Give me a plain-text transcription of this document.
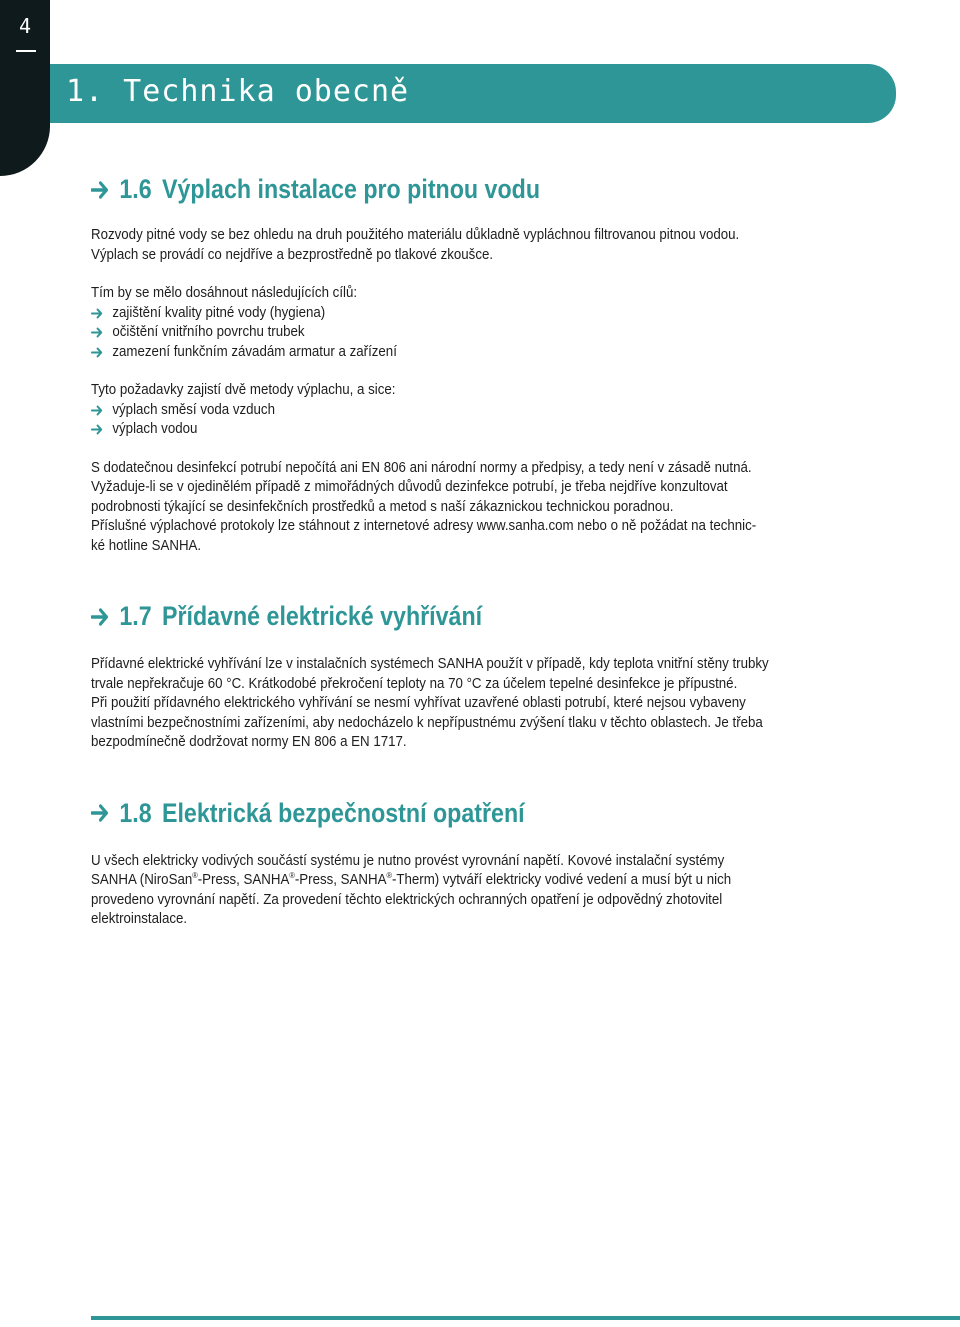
4
1. Technika obecně
1.6 Výplach instalace pro pitnou vodu

Rozvody pitné vody se bez ohledu na druh použitého materiálu důkladně vypláchnou filtrovanou pitnou vodou.

Výplach se provádí co nejdříve a bezprostředně po tlakové zkoušce.

Tím by se mělo dosáhnout následujících cílů:

zajištění kvality pitné vody (hygiena)
očištění vnitřního povrchu trubek
zamezení funkčním závadám armatur a zařízení

Tyto požadavky zajistí dvě metody výplachu, a sice:

výplach směsí voda vzduch
výplach vodou

S dodatečnou desinfekcí potrubí nepočítá ani EN 806 ani národní normy a předpisy, a tedy není v zásadě nutná.

Vyžaduje-li se v ojedinělém případě z mimořádných důvodů dezinfekce potrubí, je třeba nejdříve konzultovat

podrobnosti týkající se desinfekčních prostředků a metod s naší zákaznickou technickou poradnou.

Příslušné výplachové protokoly lze stáhnout z internetové adresy www.sanha.com nebo o ně požádat na technic-

ké hotline SANHA.

1.7 Přídavné elektrické vyhřívání

Přídavné elektrické vyhřívání lze v instalačních systémech SANHA použít v případě, kdy teplota vnitřní stěny trubky

trvale nepřekračuje 60 °C. Krátkodobé překročení teploty na 70 °C za účelem tepelné desinfekce je přípustné.

Při použití přídavného elektrického vyhřívání se nesmí vyhřívat uzavřené oblasti potrubí, které nejsou vybaveny

vlastními bezpečnostními zařízeními, aby nedocházelo k nepřípustnému zvýšení tlaku v těchto oblastech. Je třeba

bezpodmínečně dodržovat normy EN 806 a EN 1717.

1.8 Elektrická bezpečnostní opatření

U všech elektricky vodivých součástí systému je nutno provést vyrovnání napětí. Kovové instalační systémy

SANHA (NiroSan®-Press, SANHA®-Press, SANHA®-Therm) vytváří elektricky vodivé vedení a musí být u nich

provedeno vyrovnání napětí. Za provedení těchto elektrických ochranných opatření je odpovědný zhotovitel

elektroinstalace.
